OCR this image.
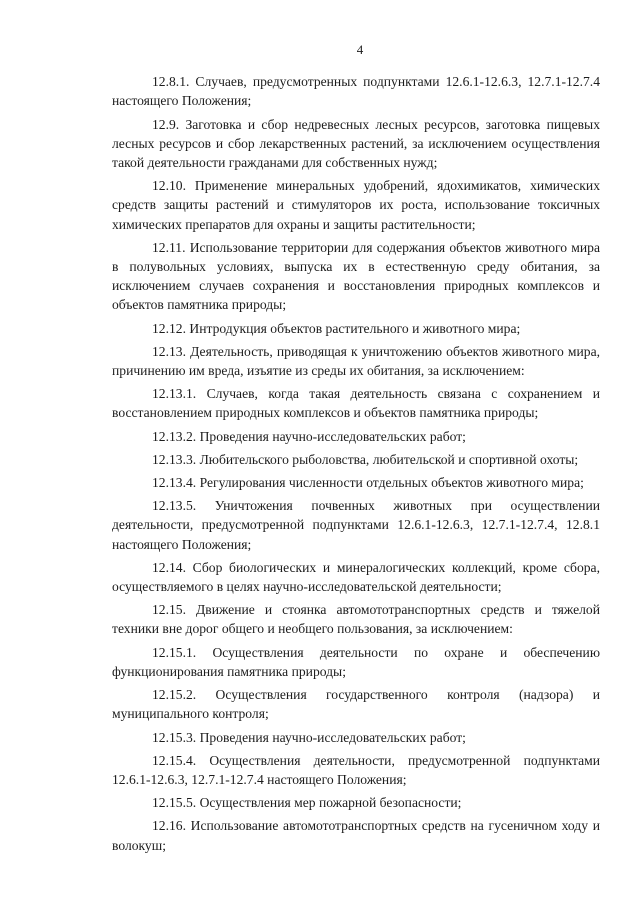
4
12.8.1. Случаев, предусмотренных подпунктами 12.6.1-12.6.3, 12.7.1-12.7.4 настоящего Положения;
12.9. Заготовка и сбор недревесных лесных ресурсов, заготовка пищевых лесных ресурсов и сбор лекарственных растений, за исключением осуществления такой деятельности гражданами для собственных нужд;
12.10. Применение минеральных удобрений, ядохимикатов, химических средств защиты растений и стимуляторов их роста, использование токсичных химических препаратов для охраны и защиты растительности;
12.11. Использование территории для содержания объектов животного мира в полувольных условиях, выпуска их в естественную среду обитания, за исключением случаев сохранения и восстановления природных комплексов и объектов памятника природы;
12.12. Интродукция объектов растительного и животного мира;
12.13. Деятельность, приводящая к уничтожению объектов животного мира, причинению им вреда, изъятие из среды их обитания, за исключением:
12.13.1. Случаев, когда такая деятельность связана с сохранением и восстановлением природных комплексов и объектов памятника природы;
12.13.2. Проведения научно-исследовательских работ;
12.13.3. Любительского рыболовства, любительской и спортивной охоты;
12.13.4. Регулирования численности отдельных объектов животного мира;
12.13.5. Уничтожения почвенных животных при осуществлении деятельности, предусмотренной подпунктами 12.6.1-12.6.3, 12.7.1-12.7.4, 12.8.1 настоящего Положения;
12.14. Сбор биологических и минералогических коллекций, кроме сбора, осуществляемого в целях научно-исследовательской деятельности;
12.15. Движение и стоянка автомототранспортных средств и тяжелой техники вне дорог общего и необщего пользования, за исключением:
12.15.1. Осуществления деятельности по охране и обеспечению функционирования памятника природы;
12.15.2. Осуществления государственного контроля (надзора) и муниципального контроля;
12.15.3. Проведения научно-исследовательских работ;
12.15.4. Осуществления деятельности, предусмотренной подпунктами 12.6.1-12.6.3, 12.7.1-12.7.4 настоящего Положения;
12.15.5. Осуществления мер пожарной безопасности;
12.16. Использование автомототранспортных средств на гусеничном ходу и волокуш;
